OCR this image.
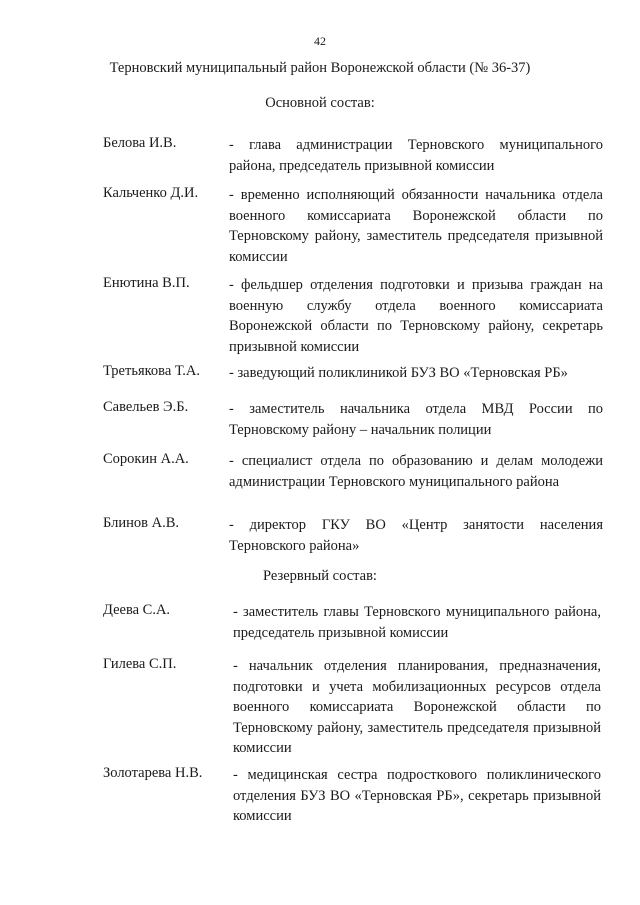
42
Терновский муниципальный район Воронежской области (№ 36-37)
Основной состав:
Белова И.В.	- глава администрации Терновского муниципального района, председатель призывной комиссии
Кальченко Д.И. - временно исполняющий обязанности начальника отдела военного комиссариата Воронежской области по Терновскому району, заместитель председателя призывной комиссии
Енютина В.П.	- фельдшер отделения подготовки и призыва граждан на военную службу отдела военного комиссариата Воронежской области по Терновскому району, секретарь призывной комиссии
Третьякова Т.А. - заведующий поликлиникой БУЗ ВО «Терновская РБ»
Савельев Э.Б.	- заместитель начальника отдела МВД России по Терновскому району – начальник полиции
Сорокин А.А.	- специалист отдела по образованию и делам молодежи администрации Терновского муниципального района
Блинов А.В.	- директор ГКУ ВО «Центр занятости населения Терновского района»
Резервный состав:
Деева С.А.	- заместитель главы Терновского муниципального района, председатель призывной комиссии
Гилева С.П.	- начальник отделения планирования, предназначения, подготовки и учета мобилизационных ресурсов отдела военного комиссариата Воронежской области по Терновскому району, заместитель председателя призывной комиссии
Золотарева Н.В. - медицинская сестра подросткового поликлинического отделения БУЗ ВО «Терновская РБ», секретарь призывной комиссии
